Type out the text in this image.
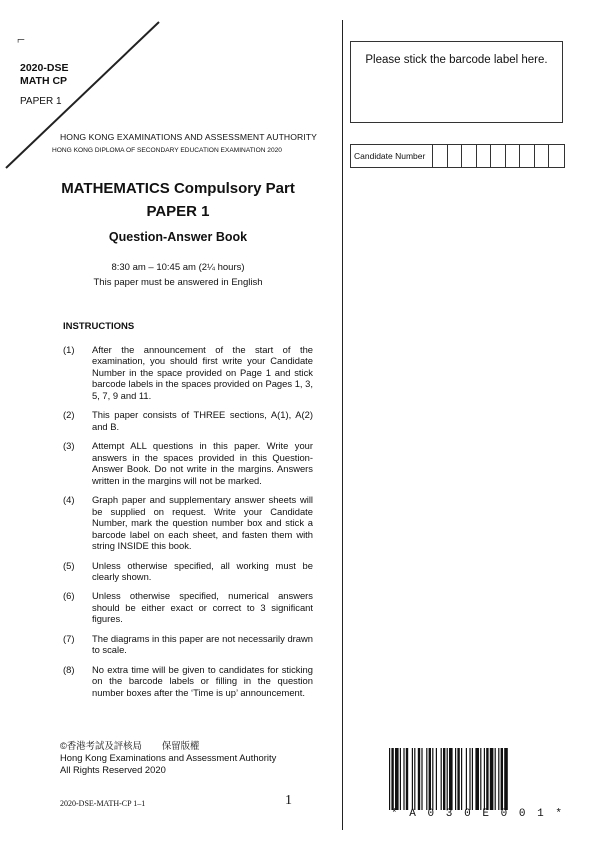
⌐
2020-DSE
MATH CP
PAPER 1
HONG KONG EXAMINATIONS AND ASSESSMENT AUTHORITY
HONG KONG DIPLOMA OF SECONDARY EDUCATION EXAMINATION 2020
Please stick the barcode label here.
Candidate Number
MATHEMATICS Compulsory Part
PAPER 1
Question-Answer Book
8:30 am – 10:45 am (2¼ hours)
This paper must be answered in English
INSTRUCTIONS
(1)	After the announcement of the start of the examination, you should first write your Candidate Number in the space provided on Page 1 and stick barcode labels in the spaces provided on Pages 1, 3, 5, 7, 9 and 11.
(2)	This paper consists of THREE sections, A(1), A(2) and B.
(3)	Attempt ALL questions in this paper. Write your answers in the spaces provided in this Question-Answer Book. Do not write in the margins. Answers written in the margins will not be marked.
(4)	Graph paper and supplementary answer sheets will be supplied on request. Write your Candidate Number, mark the question number box and stick a barcode label on each sheet, and fasten them with string INSIDE this book.
(5)	Unless otherwise specified, all working must be clearly shown.
(6)	Unless otherwise specified, numerical answers should be either exact or correct to 3 significant figures.
(7)	The diagrams in this paper are not necessarily drawn to scale.
(8)	No extra time will be given to candidates for sticking on the barcode labels or filling in the question number boxes after the ‘Time is up’ announcement.
©香港考試及評核局 保留版權
Hong Kong Examinations and Assessment Authority
All Rights Reserved 2020
2020-DSE-MATH-CP 1–1	1
* A 0 3 0 E 0 0 1 *
